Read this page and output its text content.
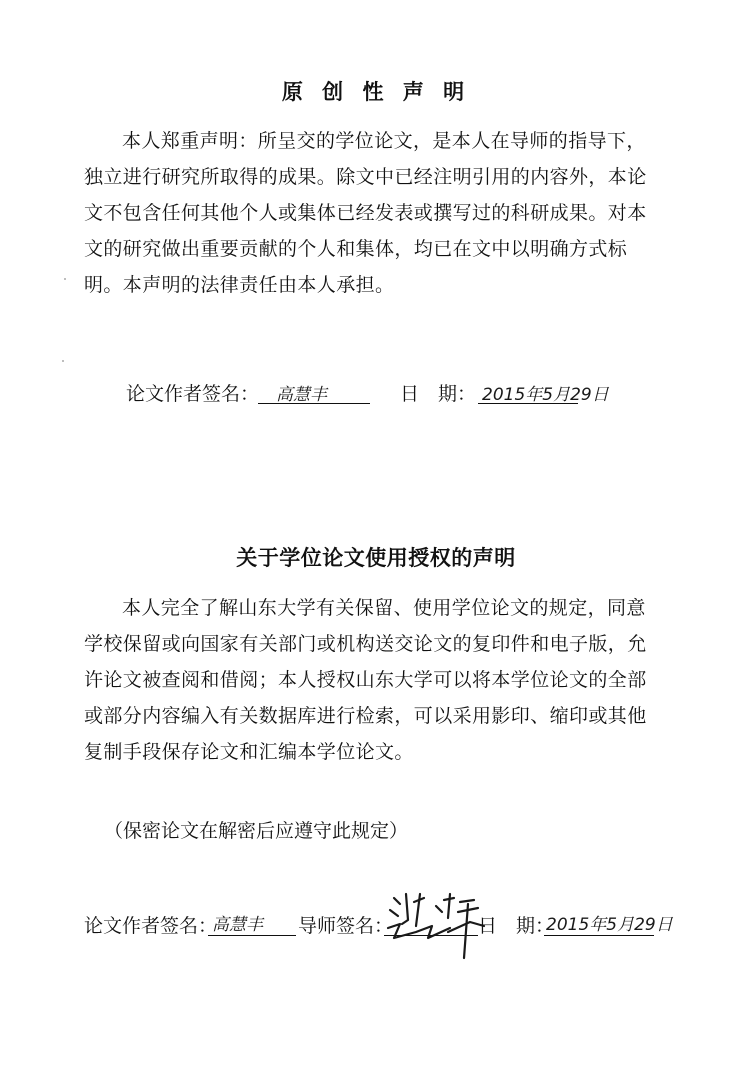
原 创 性 声 明

本人郑重声明：所呈交的学位论文，是本人在导师的指导下，独立进行研究所取得的成果。除文中已经注明引用的内容外，本论文不包含任何其他个人或集体已经发表或撰写过的科研成果。对本文的研究做出重要贡献的个人和集体，均已在文中以明确方式标明。本声明的法律责任由本人承担。

论文作者签名： 高慧丰	日　期： 2015年5月29日
关于学位论文使用授权的声明

本人完全了解山东大学有关保留、使用学位论文的规定，同意学校保留或向国家有关部门或机构送交论文的复印件和电子版，允许论文被查阅和借阅；本人授权山东大学可以将本学位论文的全部或部分内容编入有关数据库进行检索，可以采用影印、缩印或其他复制手段保存论文和汇编本学位论文。

（保密论文在解密后应遵守此规定）
论文作者签名：
高慧丰 导师签名：	日　期：
2015年5月29日
